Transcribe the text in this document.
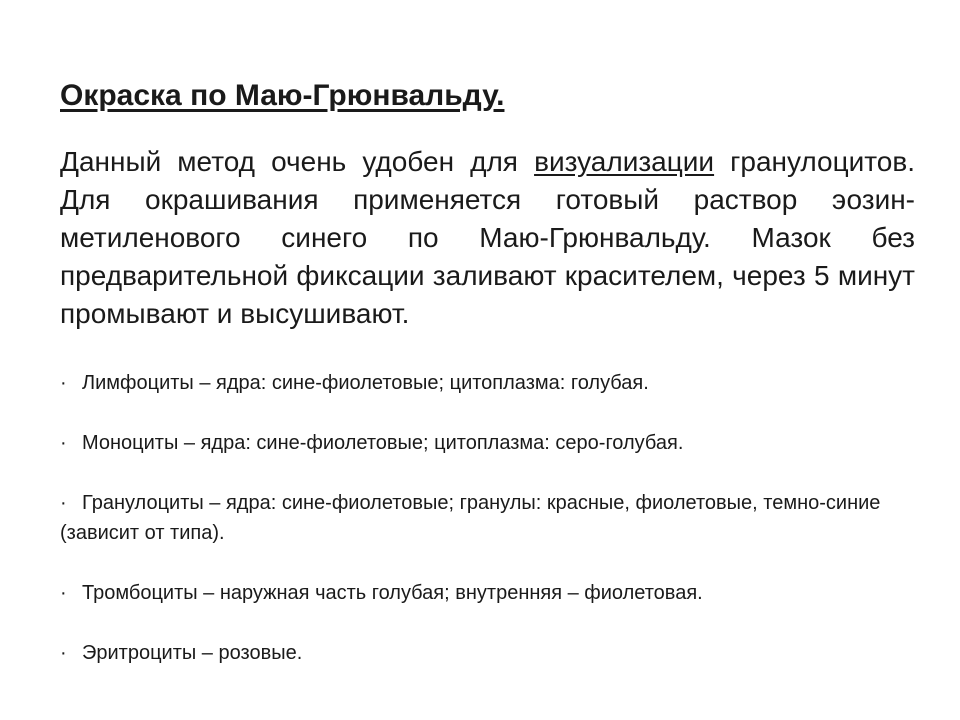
Окраска по Маю-Грюнвальду.

Данный метод очень удобен для визуализации гранулоцитов. Для окрашивания применяется готовый раствор эозин-метиленового синего по Маю-Грюнвальду. Мазок без предварительной фиксации заливают красителем, через 5 минут промывают и высушивают.

· Лимфоциты – ядра: сине-фиолетовые; цитоплазма: голубая.
· Моноциты – ядра: сине-фиолетовые; цитоплазма: серо-голубая.
· Гранулоциты – ядра: сине-фиолетовые; гранулы: красные, фиолетовые, темно-синие (зависит от типа).
· Тромбоциты – наружная часть голубая; внутренняя – фиолетовая.
· Эритроциты – розовые.
